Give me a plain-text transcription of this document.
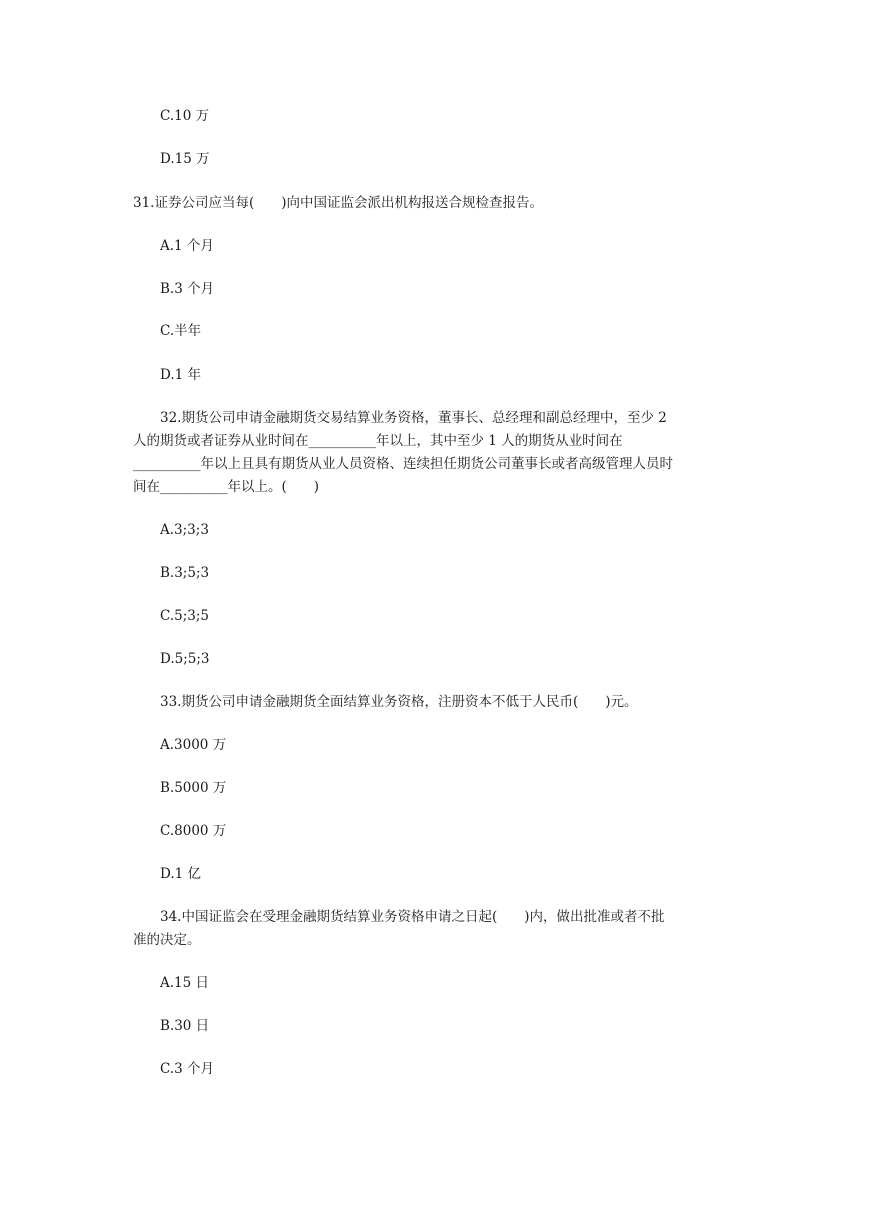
C.10 万

D.15 万

31.证券公司应当每(　　)向中国证监会派出机构报送合规检查报告。

A.1 个月

B.3 个月

C.半年

D.1 年

32.期货公司申请金融期货交易结算业务资格，董事长、总经理和副总经理中，至少 2

人的期货或者证券从业时间在__________年以上，其中至少 1 人的期货从业时间在

__________年以上且具有期货从业人员资格、连续担任期货公司董事长或者高级管理人员时

间在__________年以上。(　　)

A.3;3;3

B.3;5;3

C.5;3;5

D.5;5;3

33.期货公司申请金融期货全面结算业务资格，注册资本不低于人民币(　　)元。

A.3000 万

B.5000 万

C.8000 万

D.1 亿

34.中国证监会在受理金融期货结算业务资格申请之日起(　　)内，做出批准或者不批

准的决定。

A.15 日

B.30 日

C.3 个月
